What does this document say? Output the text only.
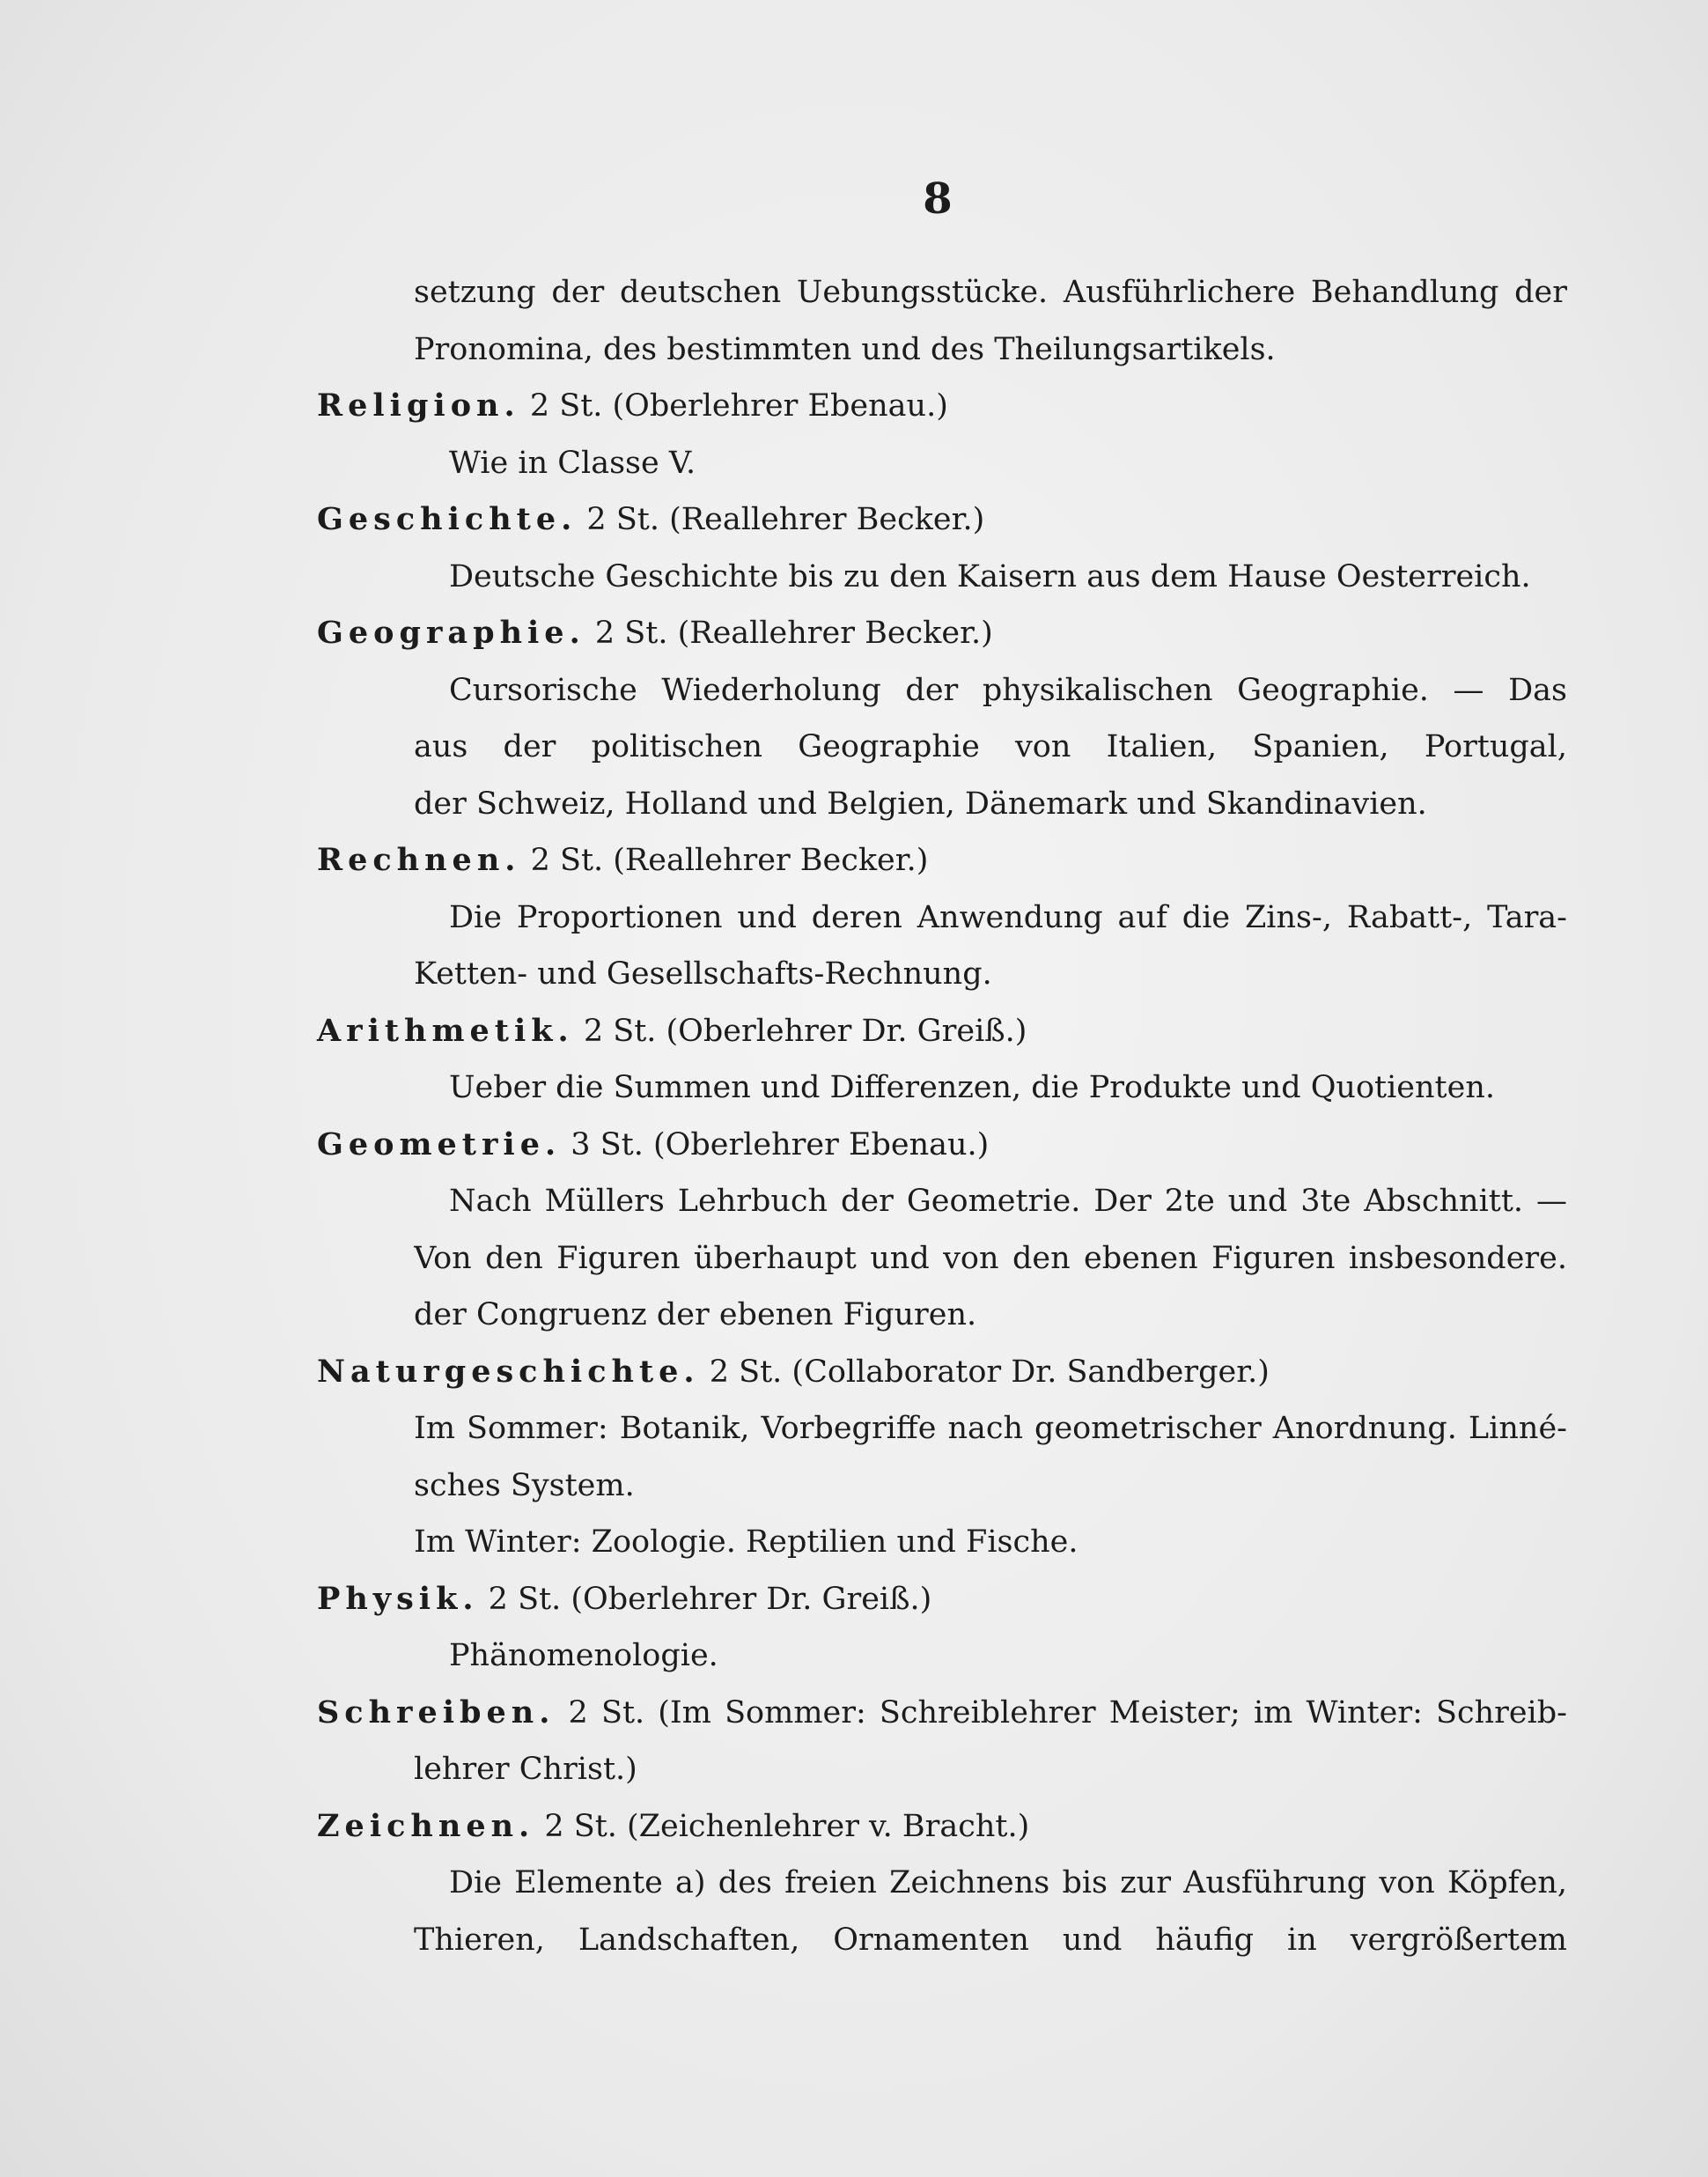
8
setzung der deutschen Uebungsstücke. Ausführlichere Behandlung der
Pronomina, des bestimmten und des Theilungsartikels.
Religion. 2 St. (Oberlehrer Ebenau.)
Wie in Classe V.
Geschichte. 2 St. (Reallehrer Becker.)
Deutsche Geschichte bis zu den Kaisern aus dem Hause Oesterreich.
Geographie. 2 St. (Reallehrer Becker.)
Cursorische Wiederholung der physikalischen Geographie. — Das
aus der politischen Geographie von Italien, Spanien, Portugal,
der Schweiz, Holland und Belgien, Dänemark und Skandinavien.
Rechnen. 2 St. (Reallehrer Becker.)
Die Proportionen und deren Anwendung auf die Zins-, Rabatt-, Tara-
Ketten- und Gesellschafts-Rechnung.
Arithmetik. 2 St. (Oberlehrer Dr. Greiß.)
Ueber die Summen und Differenzen, die Produkte und Quotienten.
Geometrie. 3 St. (Oberlehrer Ebenau.)
Nach Müllers Lehrbuch der Geometrie. Der 2te und 3te Abschnitt. —
Von den Figuren überhaupt und von den ebenen Figuren insbesondere.
der Congruenz der ebenen Figuren.
Naturgeschichte. 2 St. (Collaborator Dr. Sandberger.)
Im Sommer: Botanik, Vorbegriffe nach geometrischer Anordnung. Linné-
sches System.
Im Winter: Zoologie. Reptilien und Fische.
Physik. 2 St. (Oberlehrer Dr. Greiß.)
Phänomenologie.
Schreiben. 2 St. (Im Sommer: Schreiblehrer Meister; im Winter: Schreib-
lehrer Christ.)
Zeichnen. 2 St. (Zeichenlehrer v. Bracht.)
Die Elemente a) des freien Zeichnens bis zur Ausführung von Köpfen,
Thieren, Landschaften, Ornamenten und häufig in vergrößertem
